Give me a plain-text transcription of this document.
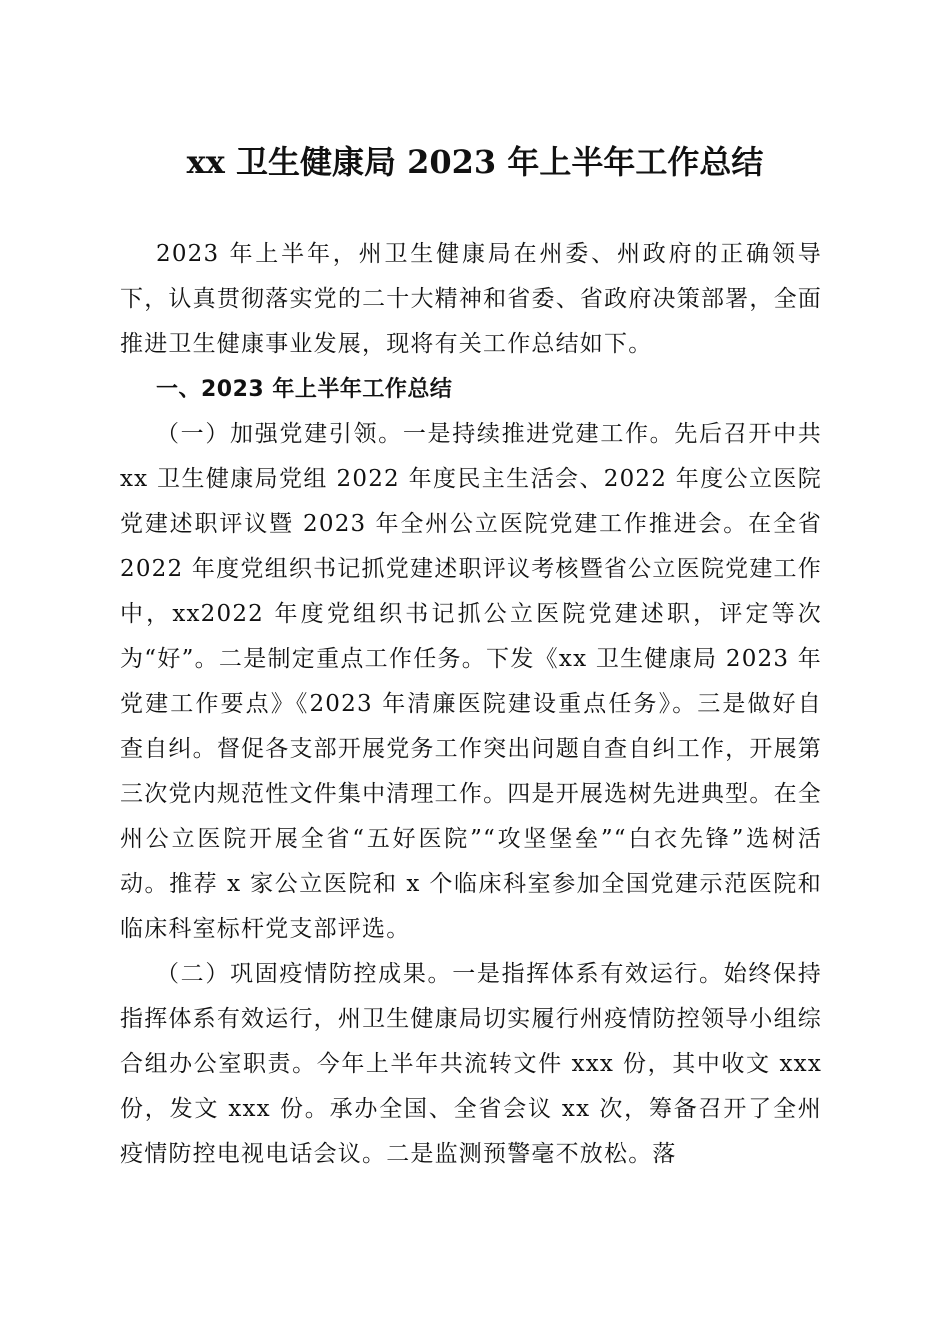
xx 卫生健康局 2023 年上半年工作总结

2023 年上半年，州卫生健康局在州委、州政府的正确领导下，认真贯彻落实党的二十大精神和省委、省政府决策部署，全面推进卫生健康事业发展，现将有关工作总结如下。

一、2023 年上半年工作总结

（一）加强党建引领。一是持续推进党建工作。先后召开中共 xx 卫生健康局党组 2022 年度民主生活会、2022 年度公立医院党建述职评议暨 2023 年全州公立医院党建工作推进会。在全省 2022 年度党组织书记抓党建述职评议考核暨省公立医院党建工作中，xx2022 年度党组织书记抓公立医院党建述职，评定等次为“好”。二是制定重点工作任务。下发《xx 卫生健康局 2023 年党建工作要点》《2023 年清廉医院建设重点任务》。三是做好自查自纠。督促各支部开展党务工作突出问题自查自纠工作，开展第三次党内规范性文件集中清理工作。四是开展选树先进典型。在全州公立医院开展全省“五好医院”“攻坚堡垒”“白衣先锋”选树活动。推荐 x 家公立医院和 x 个临床科室参加全国党建示范医院和临床科室标杆党支部评选。

（二）巩固疫情防控成果。一是指挥体系有效运行。始终保持指挥体系有效运行，州卫生健康局切实履行州疫情防控领导小组综合组办公室职责。今年上半年共流转文件 xxx 份，其中收文 xxx 份，发文 xxx 份。承办全国、全省会议 xx 次，筹备召开了全州疫情防控电视电话会议。二是监测预警毫不放松。落
